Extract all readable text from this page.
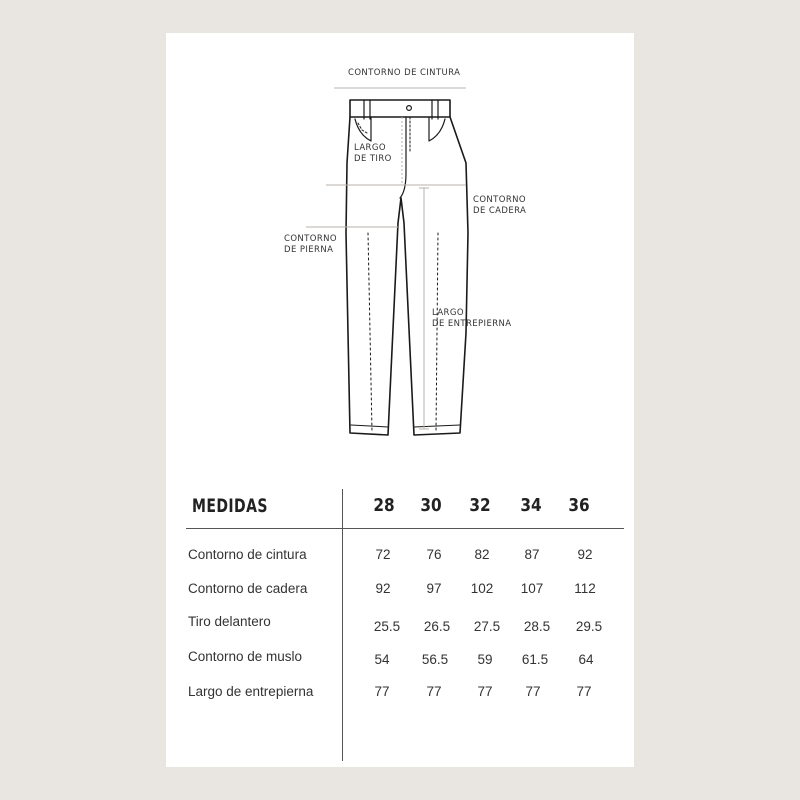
CONTORNO DE CINTURA
LARGO
DE TIRO
CONTORNO
DE CADERA
CONTORNO
DE PIERNA
LARGO
DE ENTREPIERNA
MEDIDAS	28	30	32	34	36
Contorno de cintura	72	76	82	87	92
Contorno de cadera	92	97	102	107	112
Tiro delantero	25.5	26.5	27.5	28.5	29.5
Contorno de muslo	54	56.5	59	61.5	64
Largo de entrepierna	77	77	77	77	77
